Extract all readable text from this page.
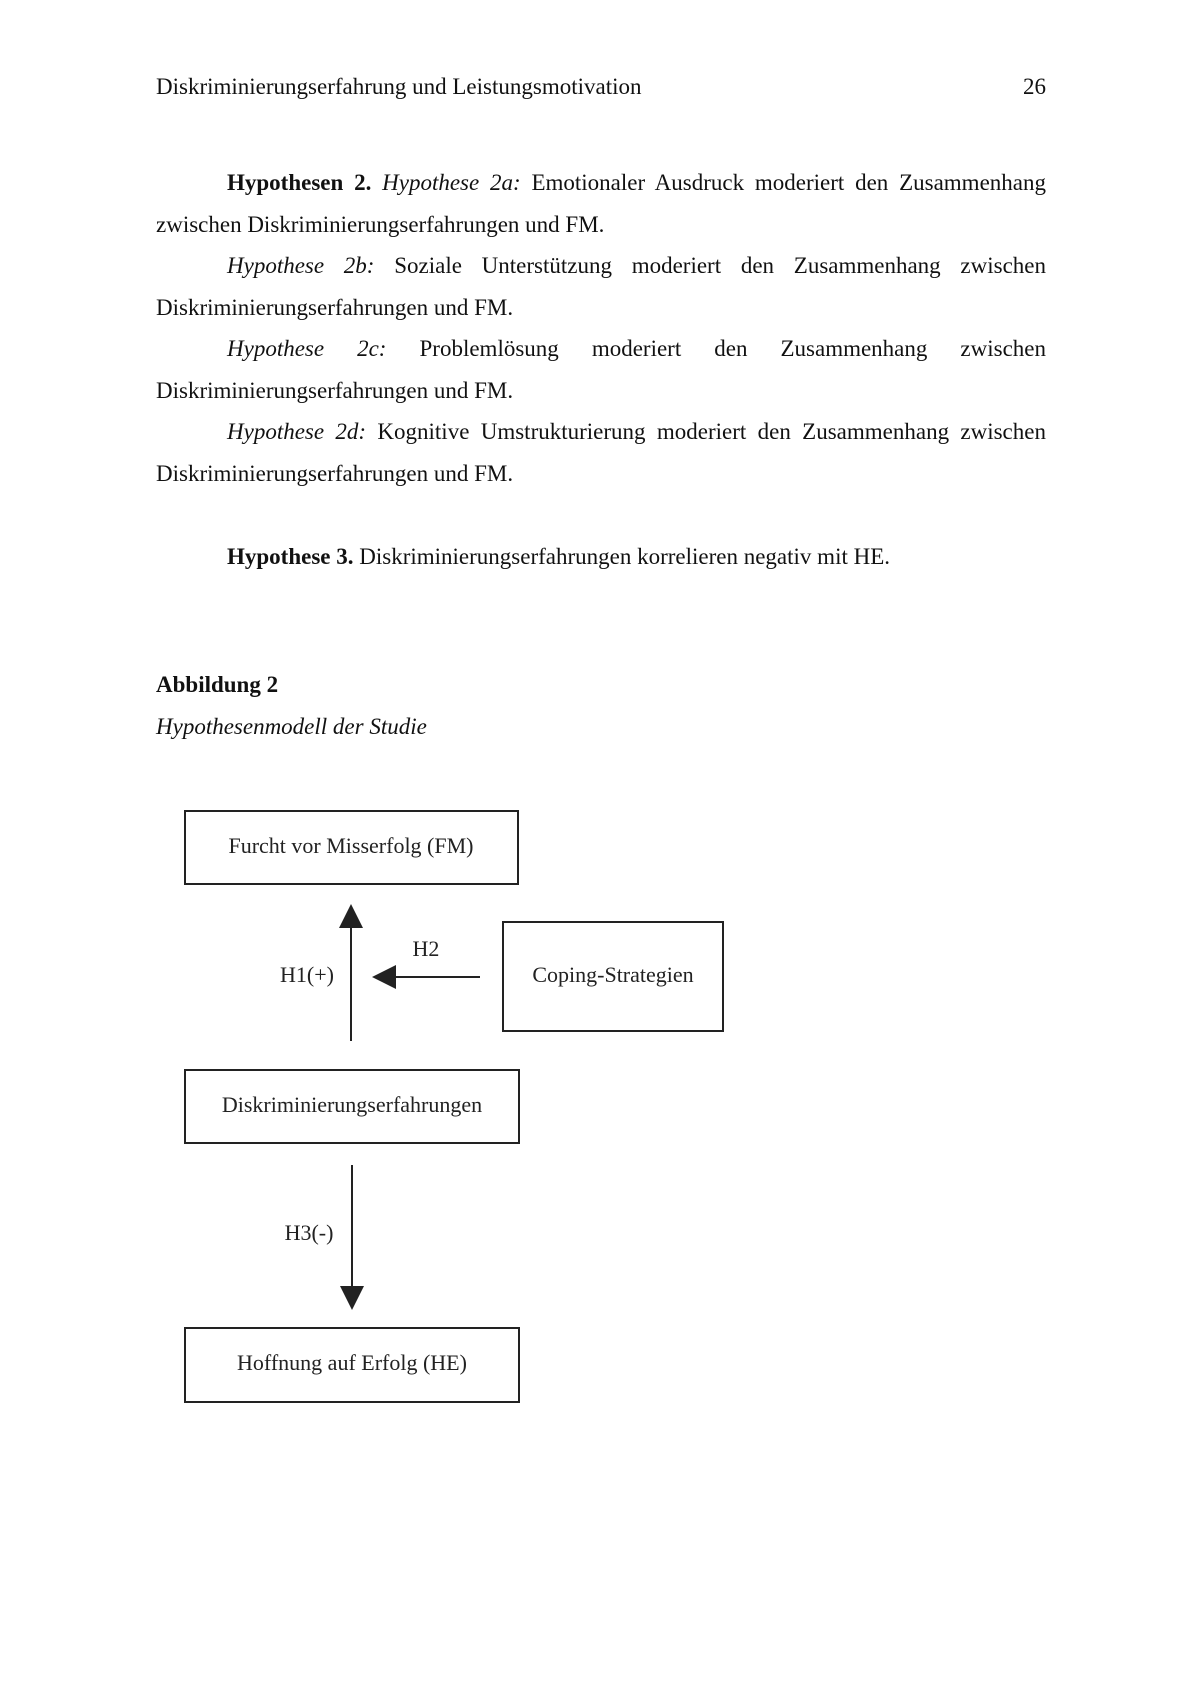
Diskriminierungserfahrung und Leistungsmotivation	26

Hypothesen 2. Hypothese 2a: Emotionaler Ausdruck moderiert den Zusammenhang zwischen Diskriminierungserfahrungen und FM.

Hypothese 2b: Soziale Unterstützung moderiert den Zusammenhang zwischen Diskriminierungserfahrungen und FM.

Hypothese 2c: Problemlösung moderiert den Zusammenhang zwischen Diskriminierungserfahrungen und FM.

Hypothese 2d: Kognitive Umstrukturierung moderiert den Zusammenhang zwischen Diskriminierungserfahrungen und FM.

Hypothese 3. Diskriminierungserfahrungen korrelieren negativ mit HE.

Abbildung 2
Hypothesenmodell der Studie
Furcht vor Misserfolg (FM)
Coping-Strategien
Diskriminierungserfahrungen
Hoffnung auf Erfolg (HE)
H1(+)
H2
H3(-)
